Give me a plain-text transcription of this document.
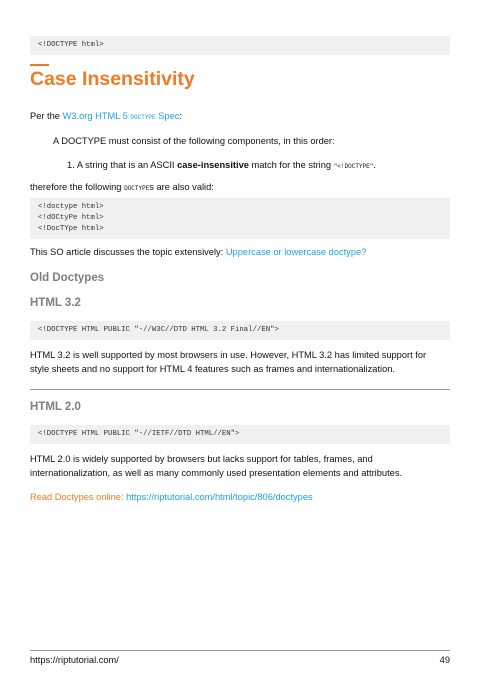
<!DOCTYPE html>
Case Insensitivity
Per the W3.org HTML 5 DOCTYPE Spec:
A DOCTYPE must consist of the following components, in this order:
1. A string that is an ASCII case-insensitive match for the string "<!DOCTYPE".
therefore the following DOCTYPEs are also valid:
<!doctype html>
<!dOCtyPe html>
<!DocTYpe html>
This SO article discusses the topic extensively: Uppercase or lowercase doctype?
Old Doctypes
HTML 3.2
<!DOCTYPE HTML PUBLIC "-//W3C//DTD HTML 3.2 Final//EN">
HTML 3.2 is well supported by most browsers in use. However, HTML 3.2 has limited support for
style sheets and no support for HTML 4 features such as frames and internationalization.
HTML 2.0
<!DOCTYPE HTML PUBLIC "-//IETF//DTD HTML//EN">
HTML 2.0 is widely supported by browsers but lacks support for tables, frames, and
internationalization, as well as many commonly used presentation elements and attributes.
Read Doctypes online: https://riptutorial.com/html/topic/806/doctypes
https://riptutorial.com/	49
